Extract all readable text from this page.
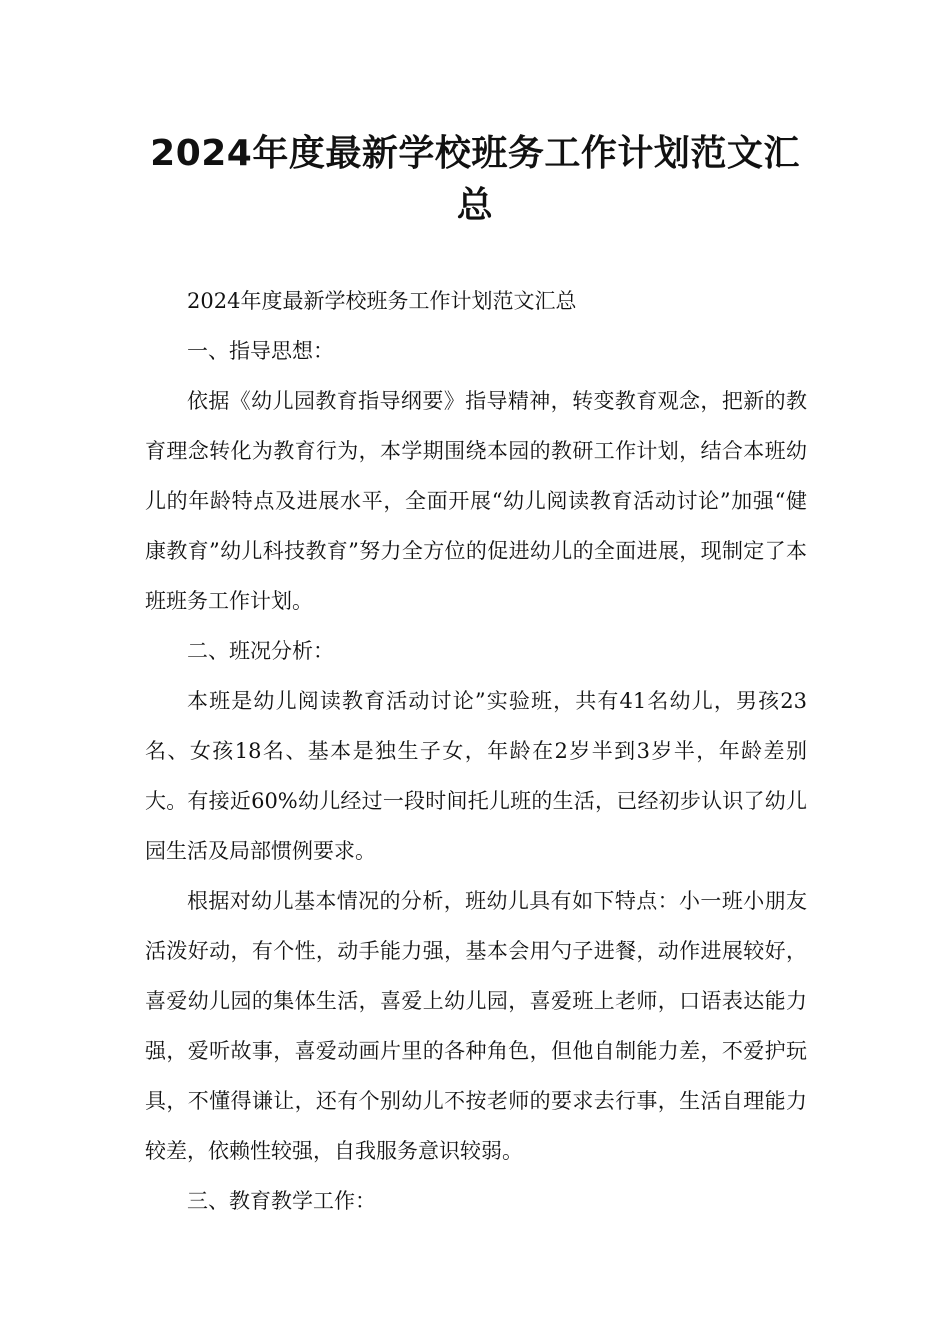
2024年度最新学校班务工作计划范文汇总

2024年度最新学校班务工作计划范文汇总

一、指导思想：

依据《幼儿园教育指导纲要》指导精神，转变教育观念，把新的教育理念转化为教育行为，本学期围绕本园的教研工作计划，结合本班幼儿的年龄特点及进展水平，全面开展“幼儿阅读教育活动讨论”加强“健康教育”幼儿科技教育”努力全方位的促进幼儿的全面进展，现制定了本班班务工作计划。

二、班况分析：

本班是幼儿阅读教育活动讨论”实验班，共有41名幼儿，男孩23名、女孩18名、基本是独生子女，年龄在2岁半到3岁半，年龄差别大。有接近60%幼儿经过一段时间托儿班的生活，已经初步认识了幼儿园生活及局部惯例要求。

根据对幼儿基本情况的分析，班幼儿具有如下特点：小一班小朋友活泼好动，有个性，动手能力强，基本会用勺子进餐，动作进展较好，喜爱幼儿园的集体生活，喜爱上幼儿园，喜爱班上老师，口语表达能力强，爱听故事，喜爱动画片里的各种角色，但他自制能力差，不爱护玩具，不懂得谦让，还有个别幼儿不按老师的要求去行事，生活自理能力较差，依赖性较强，自我服务意识较弱。

三、教育教学工作：
